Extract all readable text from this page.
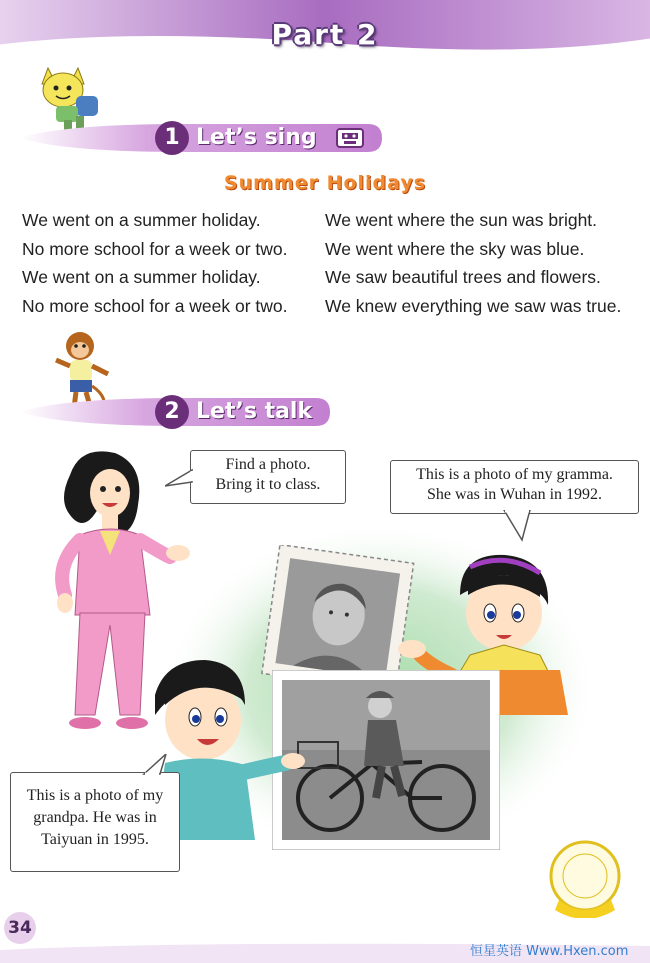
Part 2
1 Let’s sing
Summer Holidays
We went on a summer holiday.
No more school for a week or two.
We went on a summer holiday.
No more school for a week or two.
We went where the sun was bright.
We went where the sky was blue.
We saw beautiful trees and flowers.
We knew everything we saw was true.
2 Let’s talk
Find a photo.
Bring it to class.
This is a photo of my gramma.
She was in Wuhan in 1992.
This is a photo of my
grandpa. He was in
Taiyuan in 1995.
34
恒星英语 Www.Hxen.com
